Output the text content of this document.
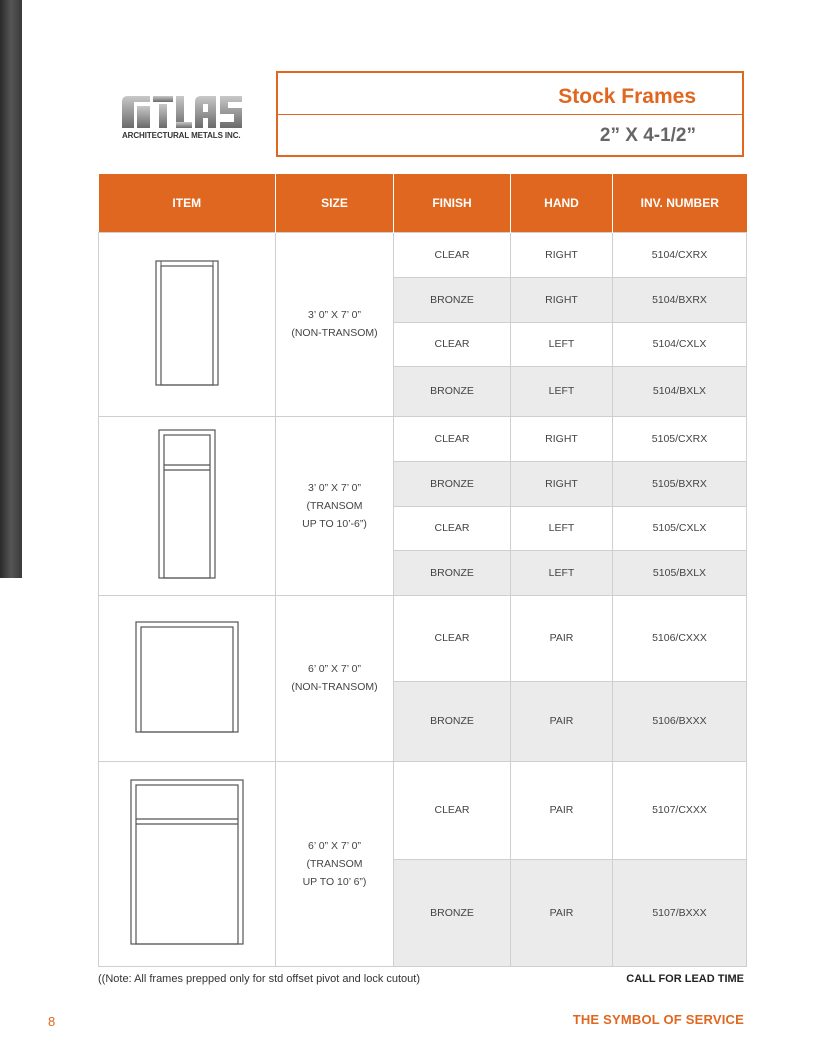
ARCHITECTURAL METALS INC.
Stock Frames
2” X 4-1/2”
ITEM	SIZE	FINISH	HAND	INV. NUMBER

3’ 0” X 7’ 0”
(NON-TRANSOM)	CLEAR	RIGHT	5104/CXRX
		BRONZE	RIGHT	5104/BXRX
		CLEAR	LEFT	5104/CXLX
		BRONZE	LEFT	5104/BXLX

3’ 0” X 7’ 0”
(TRANSOM
UP TO 10’-6”)	CLEAR	RIGHT	5105/CXRX
		BRONZE	RIGHT	5105/BXRX
		CLEAR	LEFT	5105/CXLX
		BRONZE	LEFT	5105/BXLX

6’ 0” X 7’ 0”
(NON-TRANSOM)	CLEAR	PAIR	5106/CXXX
		BRONZE	PAIR	5106/BXXX

6’ 0” X 7’ 0”
(TRANSOM
UP TO 10’ 6”)	CLEAR	PAIR	5107/CXXX
		BRONZE	PAIR	5107/BXXX
((Note: All frames prepped only for std offset pivot and lock cutout)	CALL FOR LEAD TIME
8	THE SYMBOL OF SERVICE
